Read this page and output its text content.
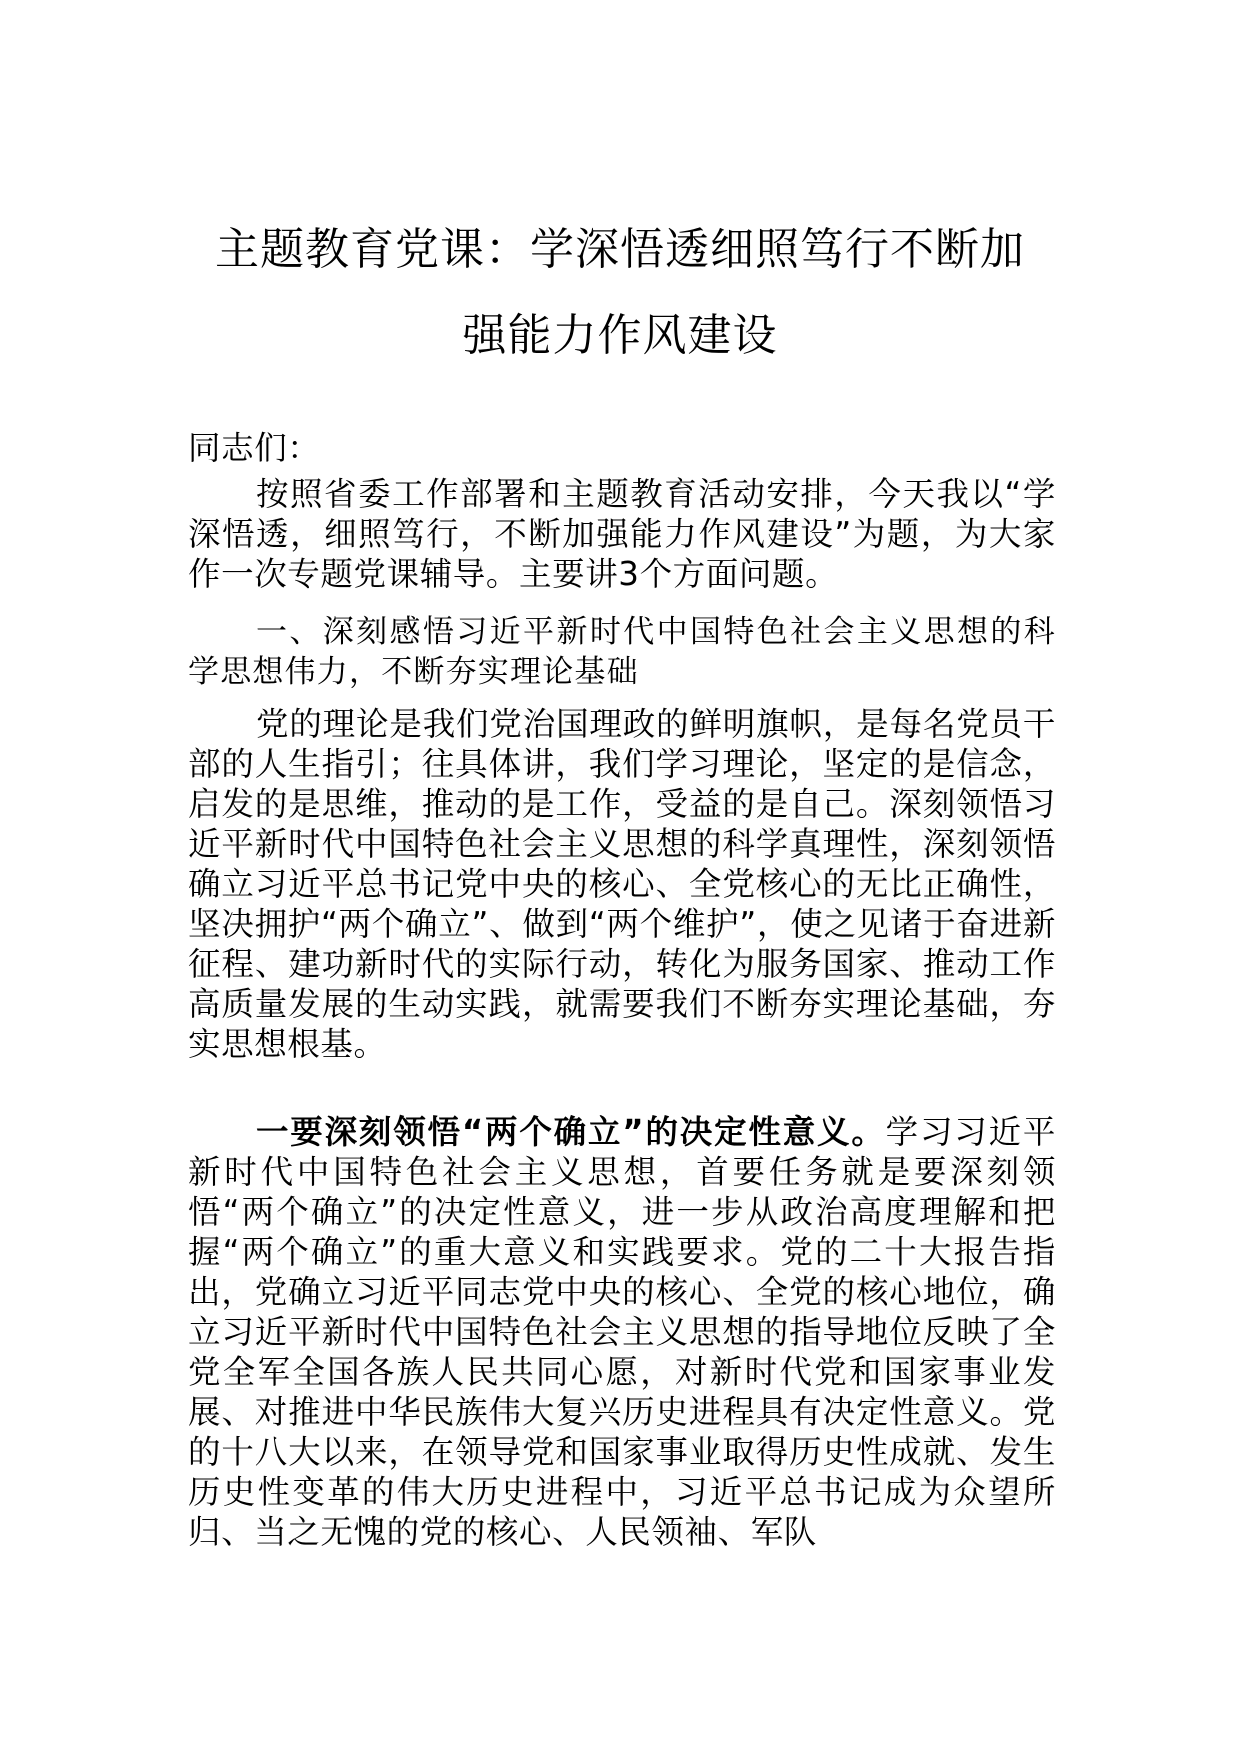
主题教育党课：学深悟透细照笃行不断加
强能力作风建设

同志们：

按照省委工作部署和主题教育活动安排，今天我以“学深悟透，细照笃行，不断加强能力作风建设”为题，为大家作一次专题党课辅导。主要讲3个方面问题。

一、深刻感悟习近平新时代中国特色社会主义思想的科学思想伟力，不断夯实理论基础

党的理论是我们党治国理政的鲜明旗帜，是每名党员干部的人生指引；往具体讲，我们学习理论，坚定的是信念，启发的是思维，推动的是工作，受益的是自己。深刻领悟习近平新时代中国特色社会主义思想的科学真理性，深刻领悟确立习近平总书记党中央的核心、全党核心的无比正确性，坚决拥护“两个确立”、做到“两个维护”，使之见诸于奋进新征程、建功新时代的实际行动，转化为服务国家、推动工作高质量发展的生动实践，就需要我们不断夯实理论基础，夯实思想根基。

一要深刻领悟“两个确立”的决定性意义。学习习近平新时代中国特色社会主义思想，首要任务就是要深刻领悟“两个确立”的决定性意义，进一步从政治高度理解和把握“两个确立”的重大意义和实践要求。党的二十大报告指出，党确立习近平同志党中央的核心、全党的核心地位，确立习近平新时代中国特色社会主义思想的指导地位反映了全党全军全国各族人民共同心愿，对新时代党和国家事业发展、对推进中华民族伟大复兴历史进程具有决定性意义。党的十八大以来，在领导党和国家事业取得历史性成就、发生历史性变革的伟大历史进程中，习近平总书记成为众望所归、当之无愧的党的核心、人民领袖、军队
